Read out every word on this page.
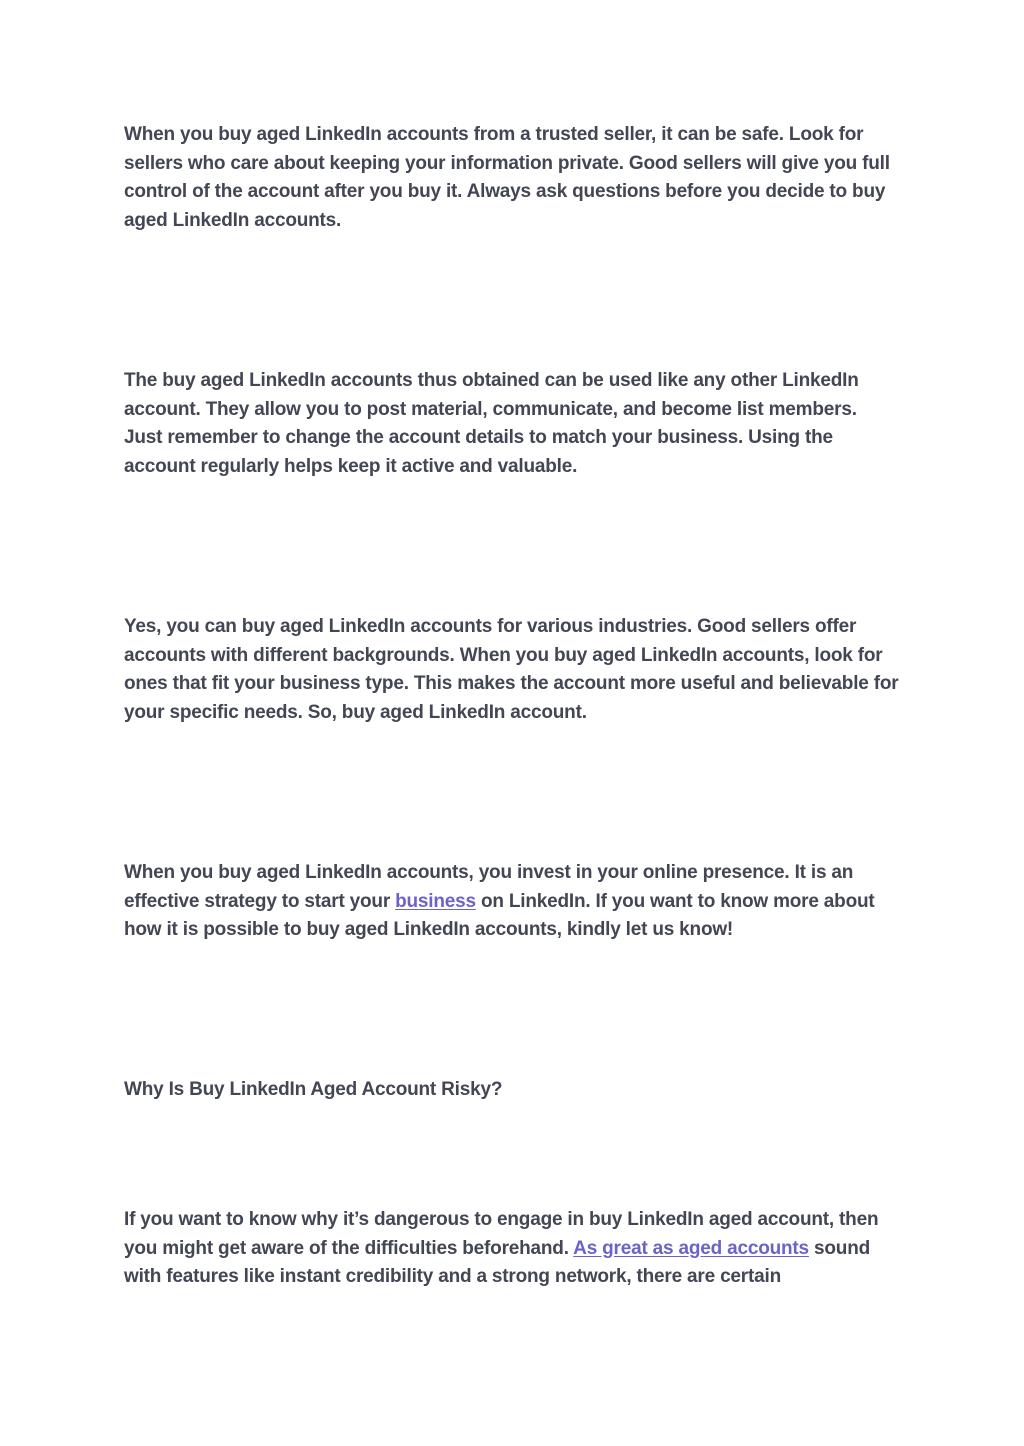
When you buy aged LinkedIn accounts from a trusted seller, it can be safe. Look for sellers who care about keeping your information private. Good sellers will give you full control of the account after you buy it. Always ask questions before you decide to buy aged LinkedIn accounts.

The buy aged LinkedIn accounts thus obtained can be used like any other LinkedIn account. They allow you to post material, communicate, and become list members. Just remember to change the account details to match your business. Using the account regularly helps keep it active and valuable.

Yes, you can buy aged LinkedIn accounts for various industries. Good sellers offer accounts with different backgrounds. When you buy aged LinkedIn accounts, look for ones that fit your business type. This makes the account more useful and believable for your specific needs. So, buy aged LinkedIn account.

When you buy aged LinkedIn accounts, you invest in your online presence. It is an effective strategy to start your business on LinkedIn. If you want to know more about how it is possible to buy aged LinkedIn accounts, kindly let us know!

Why Is Buy LinkedIn Aged Account Risky?

If you want to know why it’s dangerous to engage in buy LinkedIn aged account, then you might get aware of the difficulties beforehand. As great as aged accounts sound with features like instant credibility and a strong network, there are certain
